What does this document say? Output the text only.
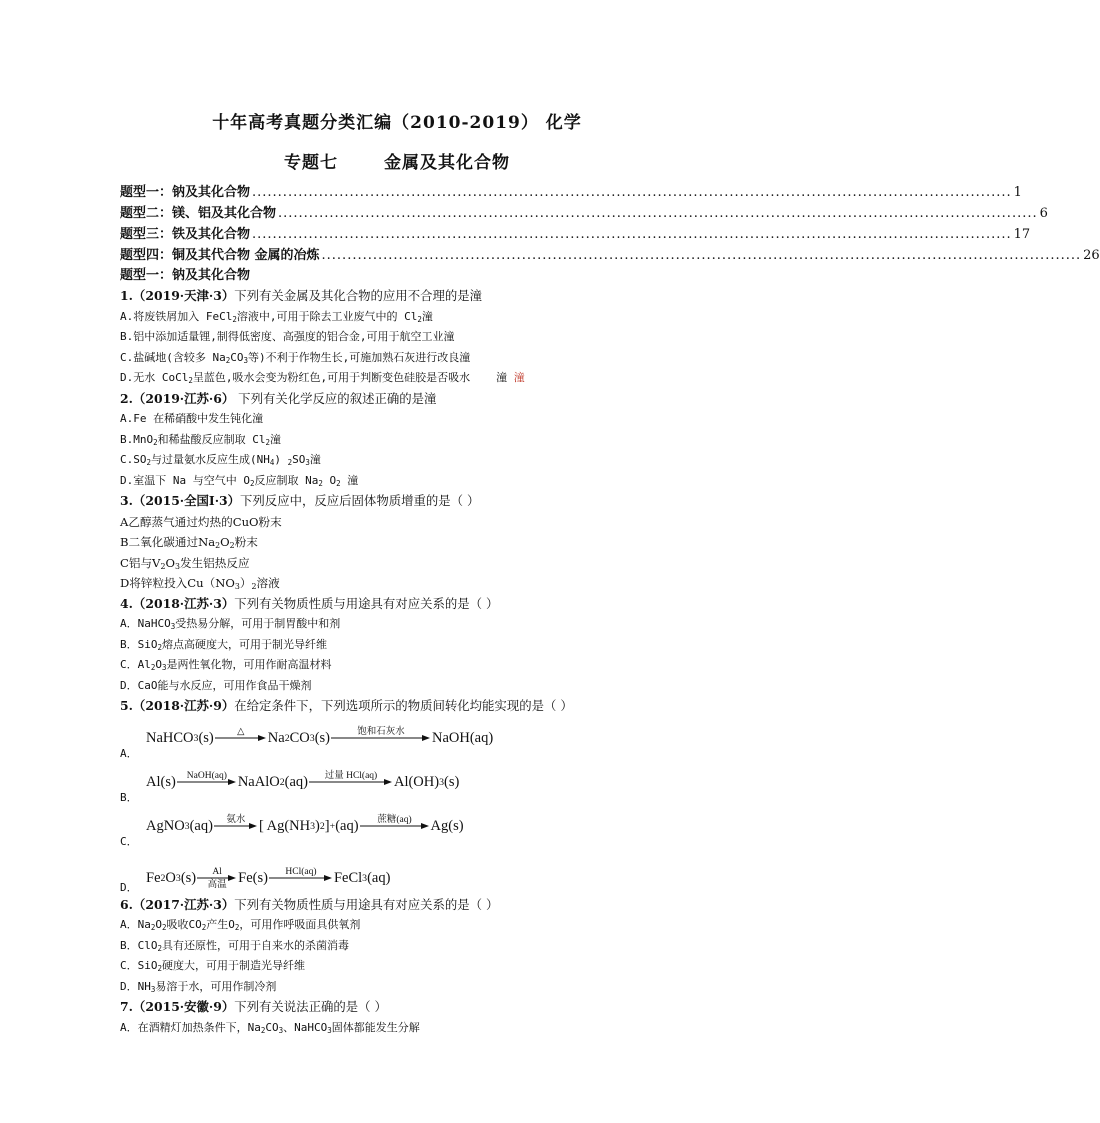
十年高考真题分类汇编（2010-2019） 化学
专题七	金属及其化合物
题型一：钠及其化合物 .................................................................................................................................................... 1
题型二：镁、铝及其化合物 .................................................................................................................................................... 6
题型三：铁及其化合物 .................................................................................................................................................... 17
题型四：铜及其代合物 金属的冶炼 .................................................................................................................................................... 26
题型一：钠及其化合物
1.（2019·天津·3）下列有关金属及其化合物的应用不合理的是潼
A.将废铁屑加入 FeCl$_2$溶液中,可用于除去工业废气中的 $Cl_2$潼
B.铝中添加适量锂,制得低密度、高强度的铝合金,可用于航空工业潼
C.盐碱地(含较多 $Na_2CO_3$等)不利于作物生长,可施加熟石灰进行改良潼
D.无水 CoCl$_2$呈蓝色,吸水会变为粉红色,可用于判断变色硅胶是否吸水 潼 潼
2.（2019·江苏·6） 下列有关化学反应的叙述正确的是潼
A.Fe 在稀硝酸中发生钝化潼
B.MnO$_2$和稀盐酸反应制取 $Cl_2$潼
$C.SO_2$与过量氨水反应生成$(NH_4)$ $_2SO_3$潼
D.室温下 Na 与空气中 $O_2$反应制取 $Na_2$ $O_2$ 潼
3.（2015·全国Ⅰ·3）下列反应中，反应后固体物质增重的是（ ）
A乙醇蒸气通过灼热的CuO粉末
B二氧化碳通过$Na_2O_2$粉末
C铝与$V_2O_3$发生铝热反应
D将锌粒投入$Cu(NO_3)_2$溶液
4.（2018·江苏·3）下列有关物质性质与用途具有对应关系的是（ ）
A．NaHCO$_3$受热易分解，可用于制胃酸中和剂
B．SiO$_2$熔点高硬度大，可用于制光导纤维
C．$Al_2O_3$是两性氧化物，可用作耐高温材料
D．CaO能与水反应，可用作食品干燥剂
5.（2018·江苏·9）在给定条件下，下列选项所示的物质间转化均能实现的是（ ）
A．
NaHCO 3 (s) △ Na 2 CO 3 (s)	饱和石灰水 NaOH(aq)
B．
Al(s) NaOH(aq) NaAlO 2 (aq) 过量 HCl(aq) Al(OH) 3 (s)
C．
AgNO 3 (aq) 氨水 [ Ag(NH 3 ) 2 ] + (aq) 蔗糖(aq) Ag(s)
D．
Fe 2 O 3 (s) Al
高温 Fe(s) HCl(aq) FeCl 3 (aq)
6.（2017·江苏·3）下列有关物质性质与用途具有对应关系的是（ ）
A．$Na_2O_2$吸收$CO_2$产生$O_2$，可用作呼吸面具供氧剂
B．ClO$_2$具有还原性，可用于自来水的杀菌消毒
C．SiO$_2$硬度大，可用于制造光导纤维
D．$NH_3$易溶于水，可用作制冷剂
7.（2015·安徽·9）下列有关说法正确的是（ ）
A．在酒精灯加热条件下，$Na_2CO_3$、NaHCO$_3$固体都能发生分解
